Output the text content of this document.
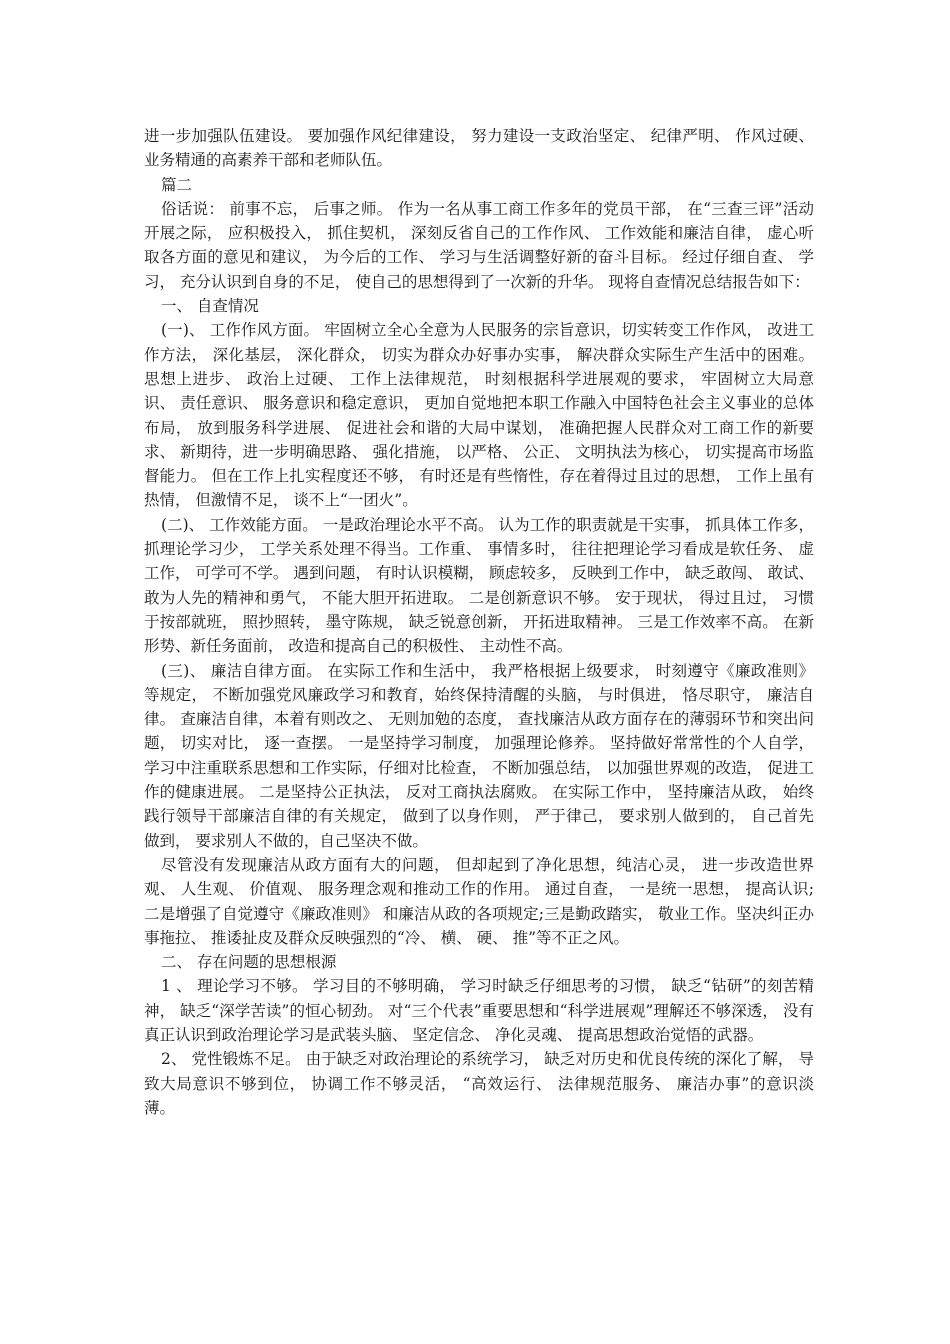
进一步加强队伍建设。 要加强作风纪律建设， 努力建设一支政治坚定、 纪律严明、 作风过硬、 业务精通的高素养干部和老师队伍。

篇二

俗话说： 前事不忘， 后事之师。 作为一名从事工商工作多年的党员干部， 在“三查三评”活动开展之际， 应积极投入， 抓住契机， 深刻反省自己的工作作风、 工作效能和廉洁自律， 虚心听取各方面的意见和建议， 为今后的工作、 学习与生活调整好新的奋斗目标。 经过仔细自查、 学习， 充分认识到自身的不足， 使自己的思想得到了一次新的升华。 现将自查情况总结报告如下：

一、 自查情况

(一)、 工作作风方面。 牢固树立全心全意为人民服务的宗旨意识，切实转变工作作风， 改进工作方法， 深化基层， 深化群众， 切实为群众办好事办实事， 解决群众实际生产生活中的困难。 思想上进步、 政治上过硬、 工作上法律规范， 时刻根据科学进展观的要求， 牢固树立大局意识、 责任意识、 服务意识和稳定意识， 更加自觉地把本职工作融入中国特色社会主义事业的总体布局， 放到服务科学进展、 促进社会和谐的大局中谋划， 准确把握人民群众对工商工作的新要求、 新期待，进一步明确思路、 强化措施， 以严格、 公正、 文明执法为核心， 切实提高市场监督能力。 但在工作上扎实程度还不够， 有时还是有些惰性，存在着得过且过的思想， 工作上虽有热情， 但激情不足， 谈不上“一团火”。

(二)、 工作效能方面。 一是政治理论水平不高。 认为工作的职责就是干实事， 抓具体工作多， 抓理论学习少， 工学关系处理不得当。工作重、 事情多时， 往往把理论学习看成是软任务、 虚工作， 可学可不学。 遇到问题， 有时认识模糊， 顾虑较多， 反映到工作中， 缺乏敢闯、 敢试、 敢为人先的精神和勇气， 不能大胆开拓进取。 二是创新意识不够。 安于现状， 得过且过， 习惯于按部就班， 照抄照转， 墨守陈规， 缺乏锐意创新， 开拓进取精神。 三是工作效率不高。 在新形势、新任务面前， 改造和提高自己的积极性、 主动性不高。

(三)、 廉洁自律方面。 在实际工作和生活中， 我严格根据上级要求， 时刻遵守《廉政准则》 等规定， 不断加强党风廉政学习和教育，始终保持清醒的头脑， 与时俱进， 恪尽职守， 廉洁自律。 查廉洁自律，本着有则改之、 无则加勉的态度， 查找廉洁从政方面存在的薄弱环节和突出问题， 切实对比， 逐一查摆。 一是坚持学习制度， 加强理论修养。 坚持做好常常性的个人自学， 学习中注重联系思想和工作实际，仔细对比检查， 不断加强总结， 以加强世界观的改造， 促进工作的健康进展。 二是坚持公正执法， 反对工商执法腐败。 在实际工作中， 坚持廉洁从政， 始终践行领导干部廉洁自律的有关规定， 做到了以身作则， 严于律己， 要求别人做到的， 自己首先做到， 要求别人不做的，自己坚决不做。

尽管没有发现廉洁从政方面有大的问题， 但却起到了净化思想，纯洁心灵， 进一步改造世界观、 人生观、 价值观、 服务理念观和推动工作的作用。 通过自查， 一是统一思想， 提高认识;二是增强了自觉遵守《廉政准则》 和廉洁从政的各项规定;三是勤政踏实， 敬业工作。坚决纠正办事拖拉、 推诿扯皮及群众反映强烈的“冷、 横、 硬、 推”等不正之风。

二、 存在问题的思想根源

1 、 理论学习不够。 学习目的不够明确， 学习时缺乏仔细思考的习惯， 缺乏“钻研”的刻苦精神， 缺乏“深学苦读”的恒心韧劲。 对“三个代表”重要思想和“科学进展观”理解还不够深透， 没有真正认识到政治理论学习是武装头脑、 坚定信念、 净化灵魂、 提高思想政治觉悟的武器。

2、 党性锻炼不足。 由于缺乏对政治理论的系统学习， 缺乏对历史和优良传统的深化了解， 导致大局意识不够到位， 协调工作不够灵活， “高效运行、 法律规范服务、 廉洁办事”的意识淡薄。
